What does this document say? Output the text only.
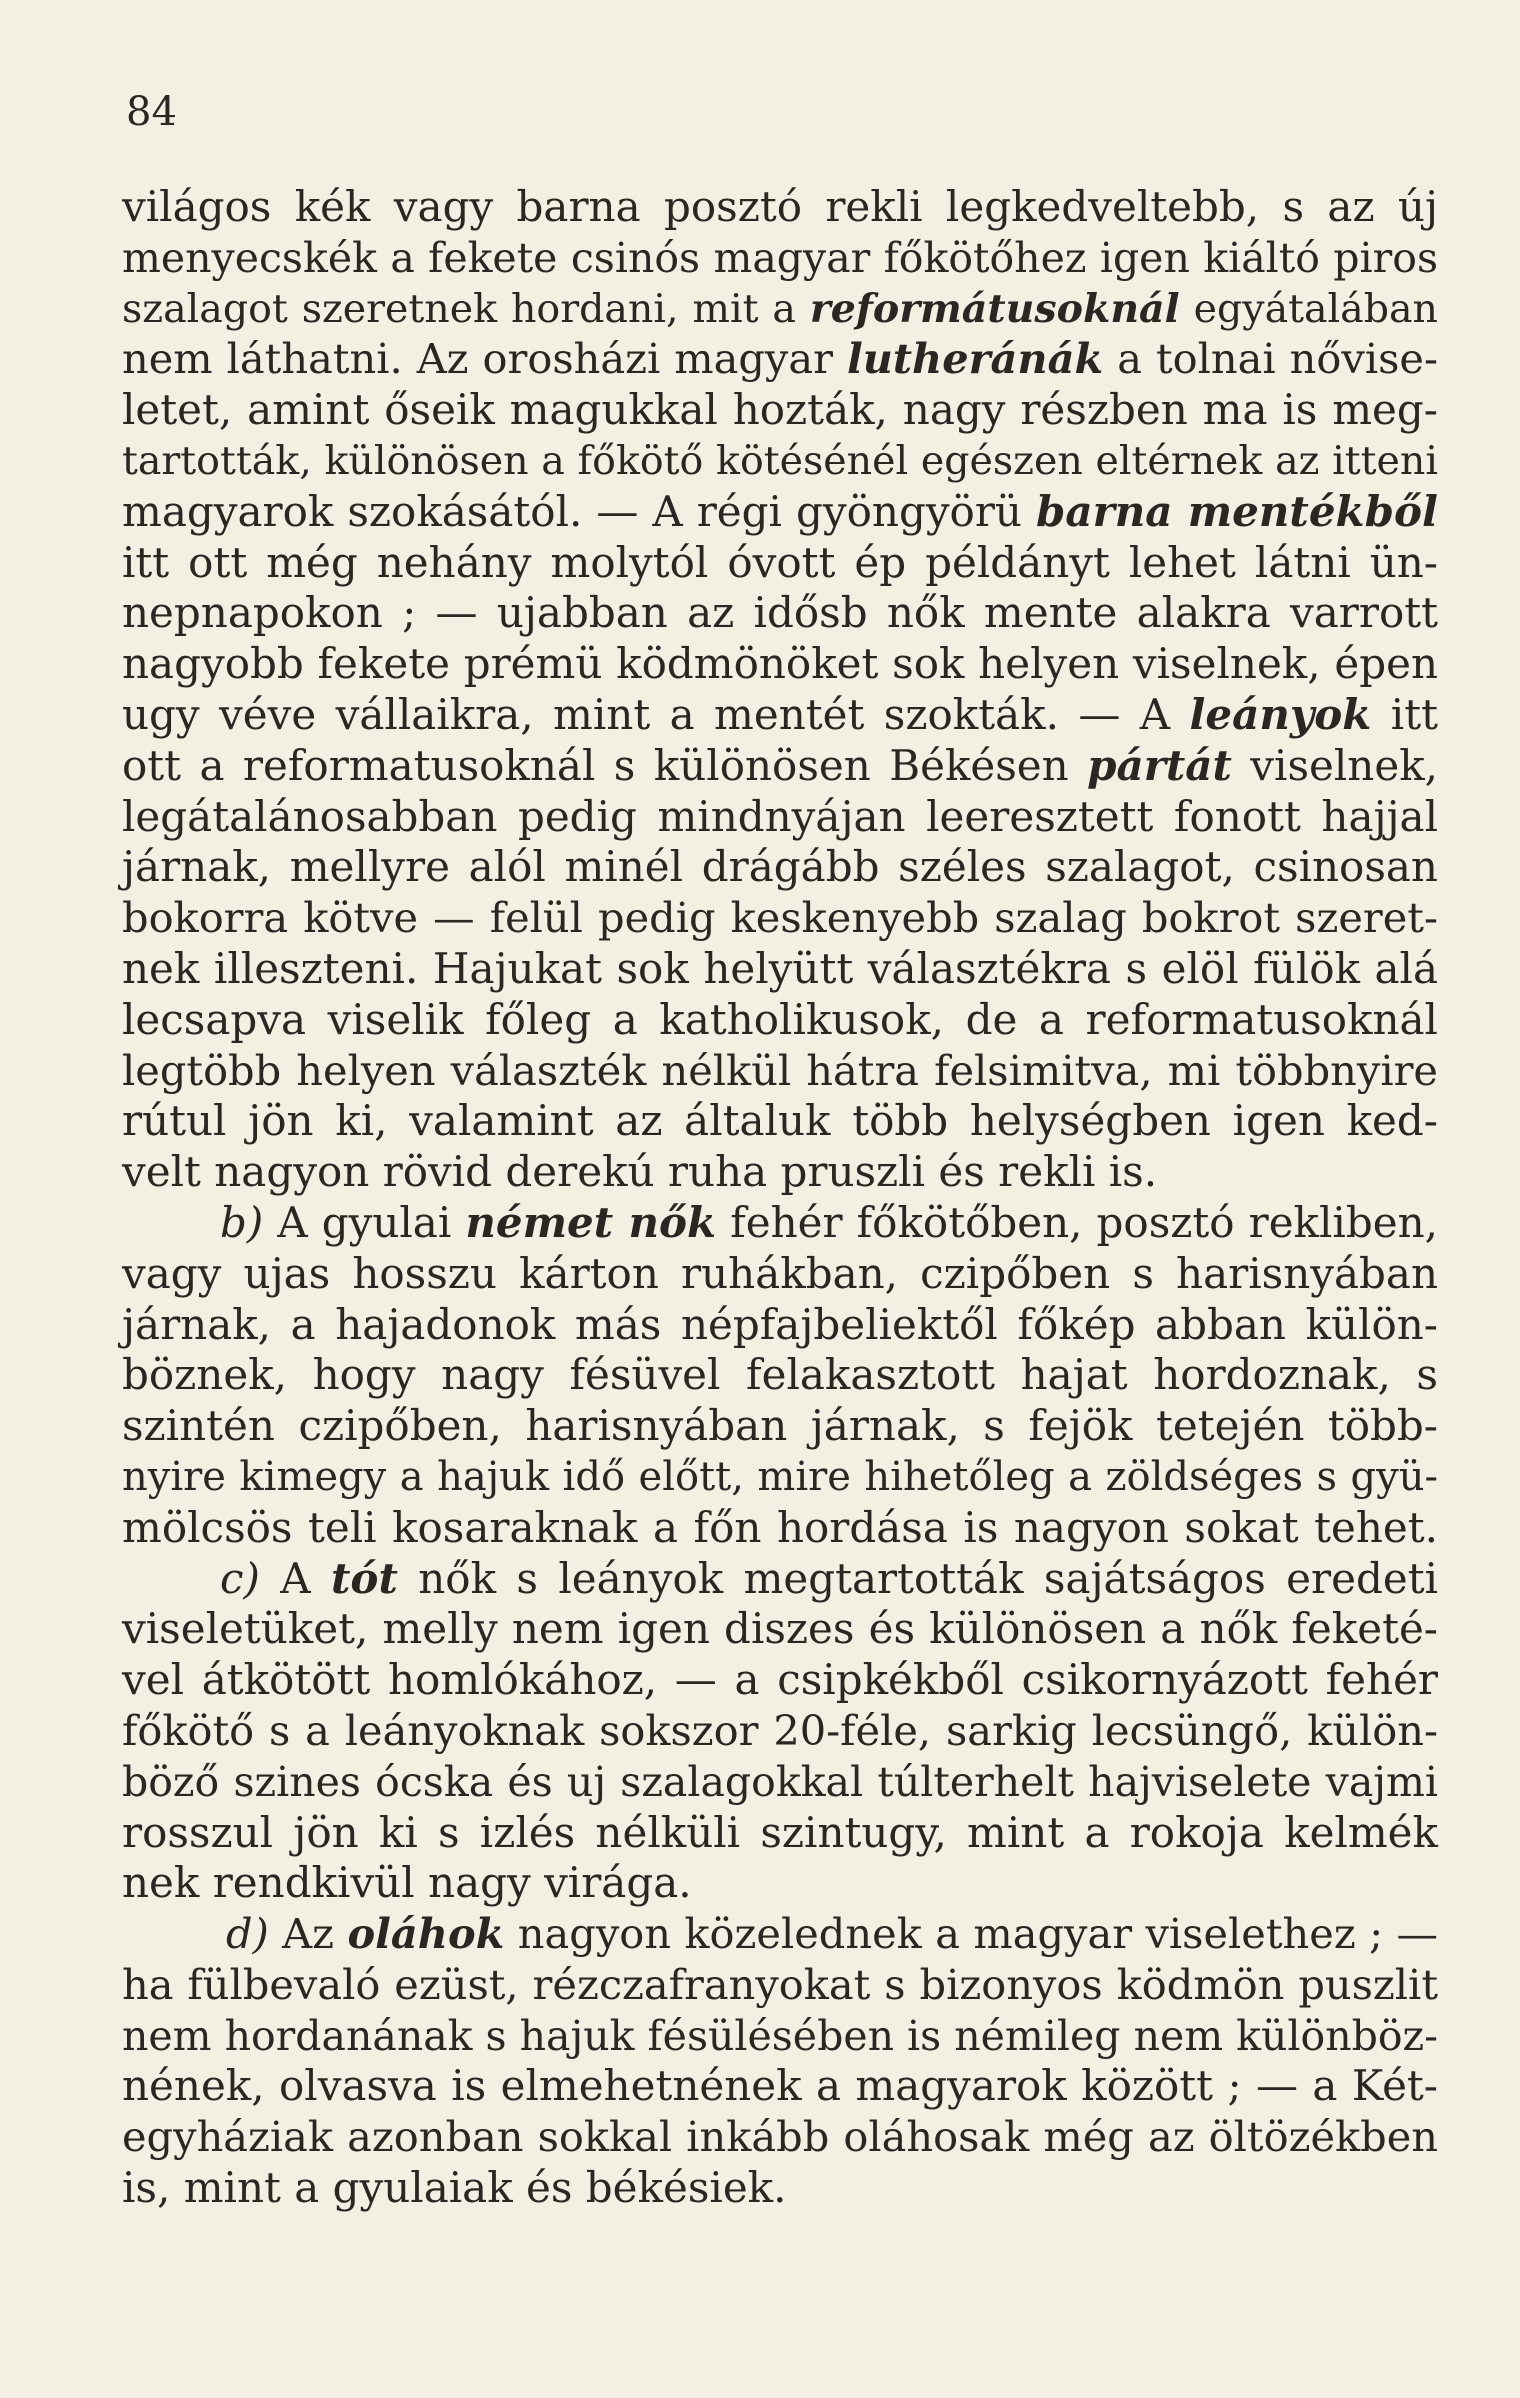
84
világos kék vagy barna posztó rekli legkedveltebb, s az új
menyecskék a fekete csinós magyar főkötőhez igen kiáltó piros
szalagot szeretnek hordani, mit a reformátusoknál egyátalában
nem láthatni. Az orosházi magyar lutheránák a tolnai nővise-
letet, amint őseik magukkal hozták, nagy részben ma is meg-
tartották, különösen a főkötő kötésénél egészen eltérnek az itteni
magyarok szokásától. — A régi gyöngyörü barna mentékből
itt ott még nehány molytól óvott ép példányt lehet látni ün-
nepnapokon ; — ujabban az idősb nők mente alakra varrott
nagyobb fekete prémü ködmönöket sok helyen viselnek, épen
ugy véve vállaikra, mint a mentét szokták. — A leányok itt
ott a reformatusoknál s különösen Békésen pártát viselnek,
legátalánosabban pedig mindnyájan leeresztett fonott hajjal
járnak, mellyre alól minél drágább széles szalagot, csinosan
bokorra kötve — felül pedig keskenyebb szalag bokrot szeret-
nek illeszteni. Hajukat sok helyütt választékra s elöl fülök alá
lecsapva viselik főleg a katholikusok, de a reformatusoknál
legtöbb helyen választék nélkül hátra felsimitva, mi többnyire
rútul jön ki, valamint az általuk több helységben igen ked-
velt nagyon rövid derekú ruha pruszli és rekli is.
b) A gyulai német nők fehér főkötőben, posztó rekliben,
vagy ujas hosszu kárton ruhákban, czipőben s harisnyában
járnak, a hajadonok más népfajbeliektől főkép abban külön-
böznek, hogy nagy fésüvel felakasztott hajat hordoznak, s
szintén czipőben, harisnyában járnak, s fejök tetején több-
nyire kimegy a hajuk idő előtt, mire hihetőleg a zöldséges s gyü-
mölcsös teli kosaraknak a főn hordása is nagyon sokat tehet.
c) A tót nők s leányok megtartották sajátságos eredeti
viseletüket, melly nem igen diszes és különösen a nők feketé-
vel átkötött homlókához, — a csipkékből csikornyázott fehér
főkötő s a leányoknak sokszor 20-féle, sarkig lecsüngő, külön-
böző szines ócska és uj szalagokkal túlterhelt hajviselete vajmi
rosszul jön ki s izlés nélküli szintugy, mint a rokoja kelmék
nek rendkivül nagy virága.
d) Az oláhok nagyon közelednek a magyar viselethez ; —
ha fülbevaló ezüst, rézczafranyokat s bizonyos ködmön puszlit
nem hordanának s hajuk fésülésében is némileg nem különböz-
nének, olvasva is elmehetnének a magyarok között ; — a Két-
egyháziak azonban sokkal inkább oláhosak még az öltözékben
is, mint a gyulaiak és békésiek.
